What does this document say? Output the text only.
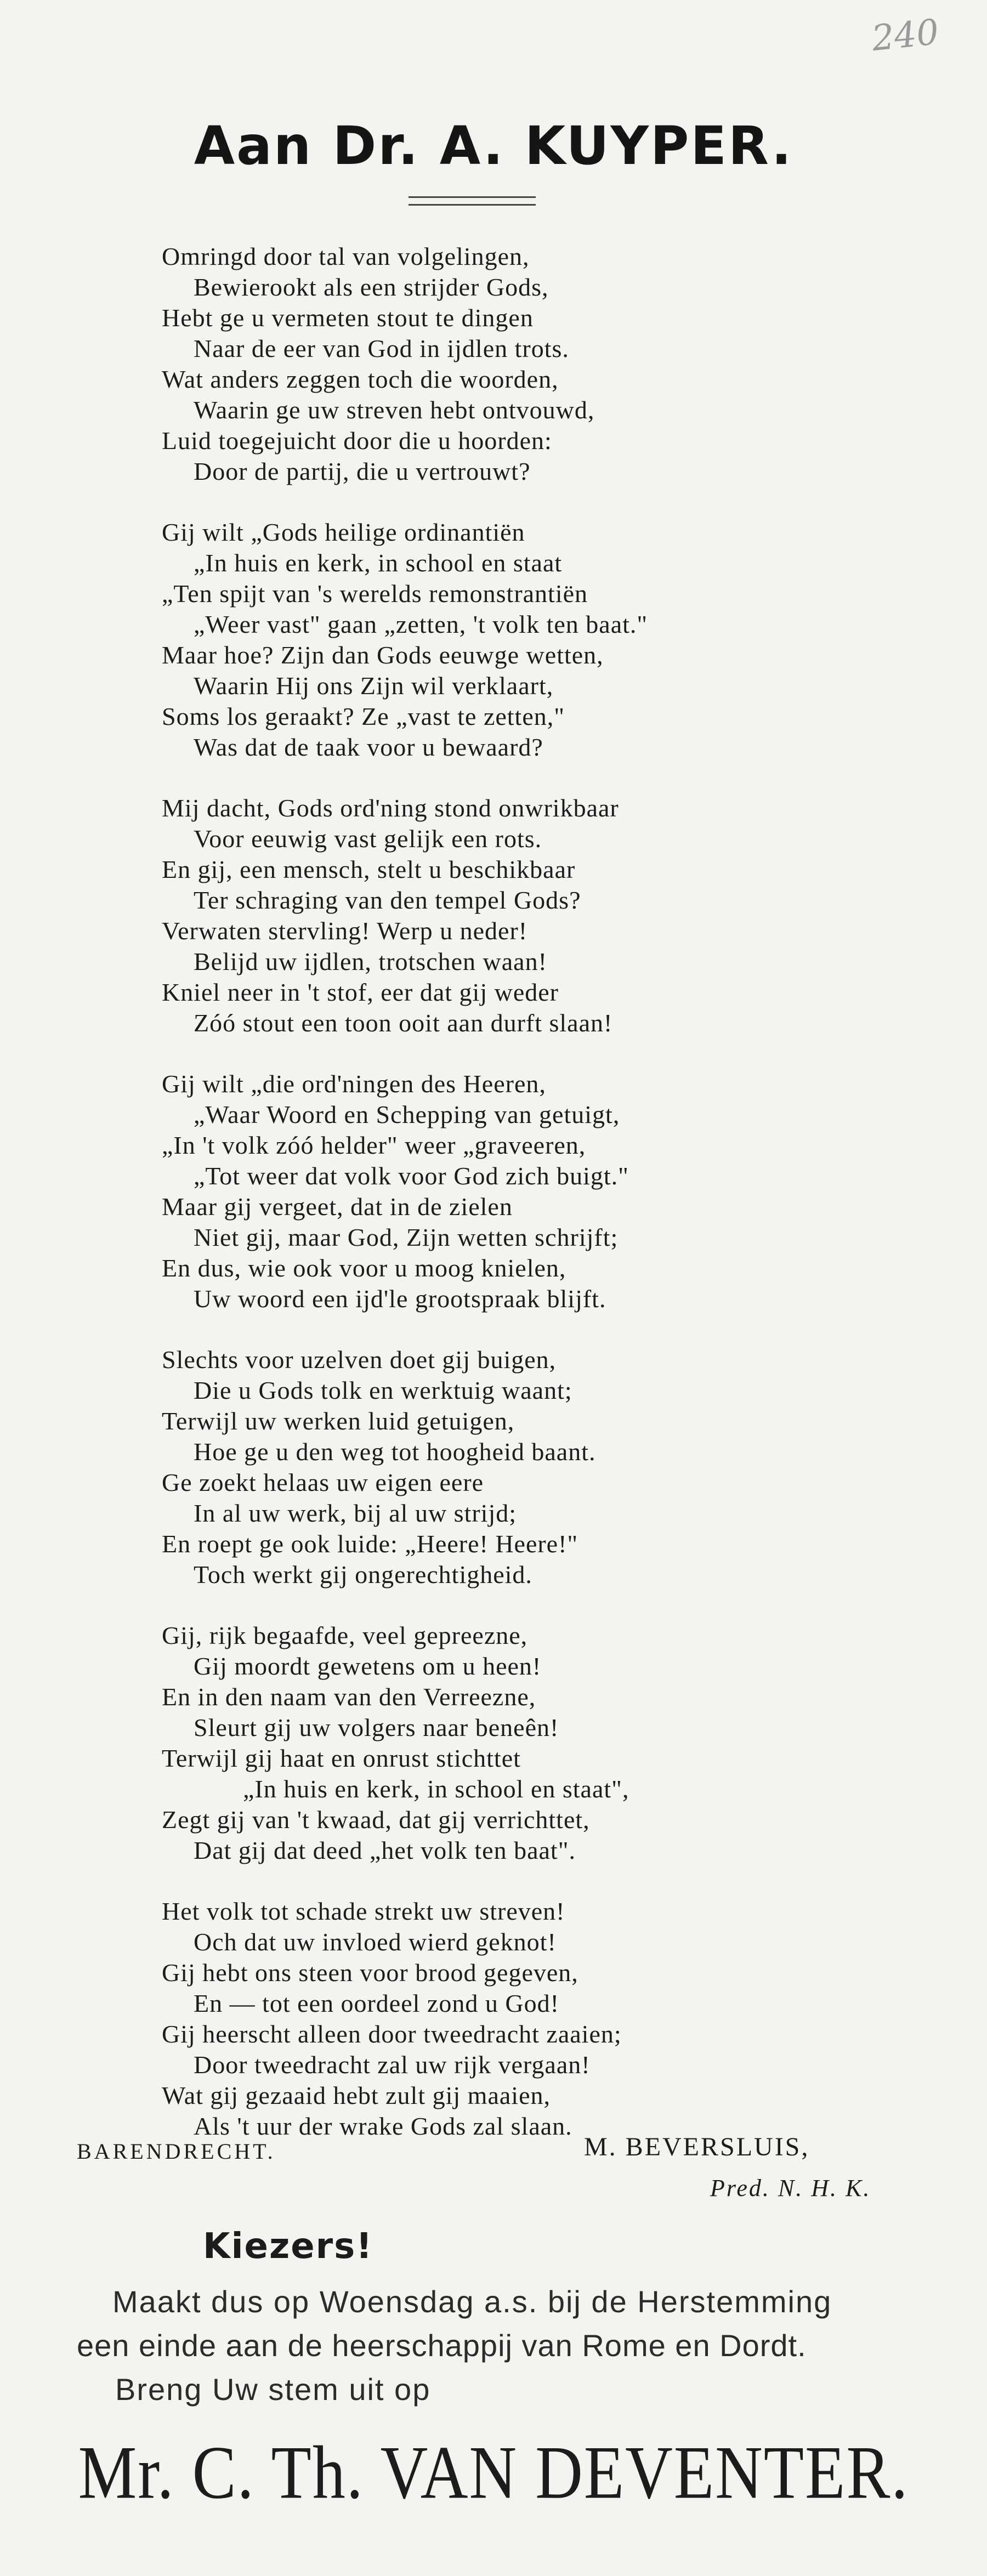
240
Aan Dr. A. KUYPER.
Omringd door tal van volgelingen,
Bewierookt als een strijder Gods,
Hebt ge u vermeten stout te dingen
Naar de eer van God in ijdlen trots.
Wat anders zeggen toch die woorden,
Waarin ge uw streven hebt ontvouwd,
Luid toegejuicht door die u hoorden:
Door de partij, die u vertrouwt?
Gij wilt „Gods heilige ordinantiën
„In huis en kerk, in school en staat
„Ten spijt van 's werelds remonstrantiën
„Weer vast" gaan „zetten, 't volk ten baat."
Maar hoe? Zijn dan Gods eeuwge wetten,
Waarin Hij ons Zijn wil verklaart,
Soms los geraakt? Ze „vast te zetten,"
Was dat de taak voor u bewaard?
Mij dacht, Gods ord'ning stond onwrikbaar
Voor eeuwig vast gelijk een rots.
En gij, een mensch, stelt u beschikbaar
Ter schraging van den tempel Gods?
Verwaten stervling! Werp u neder!
Belijd uw ijdlen, trotschen waan!
Kniel neer in 't stof, eer dat gij weder
Zóó stout een toon ooit aan durft slaan!
Gij wilt „die ord'ningen des Heeren,
„Waar Woord en Schepping van getuigt,
„In 't volk zóó helder" weer „graveeren,
„Tot weer dat volk voor God zich buigt."
Maar gij vergeet, dat in de zielen
Niet gij, maar God, Zijn wetten schrijft;
En dus, wie ook voor u moog knielen,
Uw woord een ijd'le grootspraak blijft.
Slechts voor uzelven doet gij buigen,
Die u Gods tolk en werktuig waant;
Terwijl uw werken luid getuigen,
Hoe ge u den weg tot hoogheid baant.
Ge zoekt helaas uw eigen eere
In al uw werk, bij al uw strijd;
En roept ge ook luide: „Heere! Heere!"
Toch werkt gij ongerechtigheid.
Gij, rijk begaafde, veel gepreezne,
Gij moordt gewetens om u heen!
En in den naam van den Verreezne,
Sleurt gij uw volgers naar beneên!
Terwijl gij haat en onrust stichttet
„In huis en kerk, in school en staat",
Zegt gij van 't kwaad, dat gij verrichttet,
Dat gij dat deed „het volk ten baat".
Het volk tot schade strekt uw streven!
Och dat uw invloed wierd geknot!
Gij hebt ons steen voor brood gegeven,
En — tot een oordeel zond u God!
Gij heerscht alleen door tweedracht zaaien;
Door tweedracht zal uw rijk vergaan!
Wat gij gezaaid hebt zult gij maaien,
Als 't uur der wrake Gods zal slaan.
BARENDRECHT.	M. BEVERSLUIS,
Pred. N. H. K.
Kiezers!
Maakt dus op Woensdag a.s. bij de Herstemming
een einde aan de heerschappij van Rome en Dordt.
Breng Uw stem uit op
Mr. C. Th. VAN DEVENTER.
